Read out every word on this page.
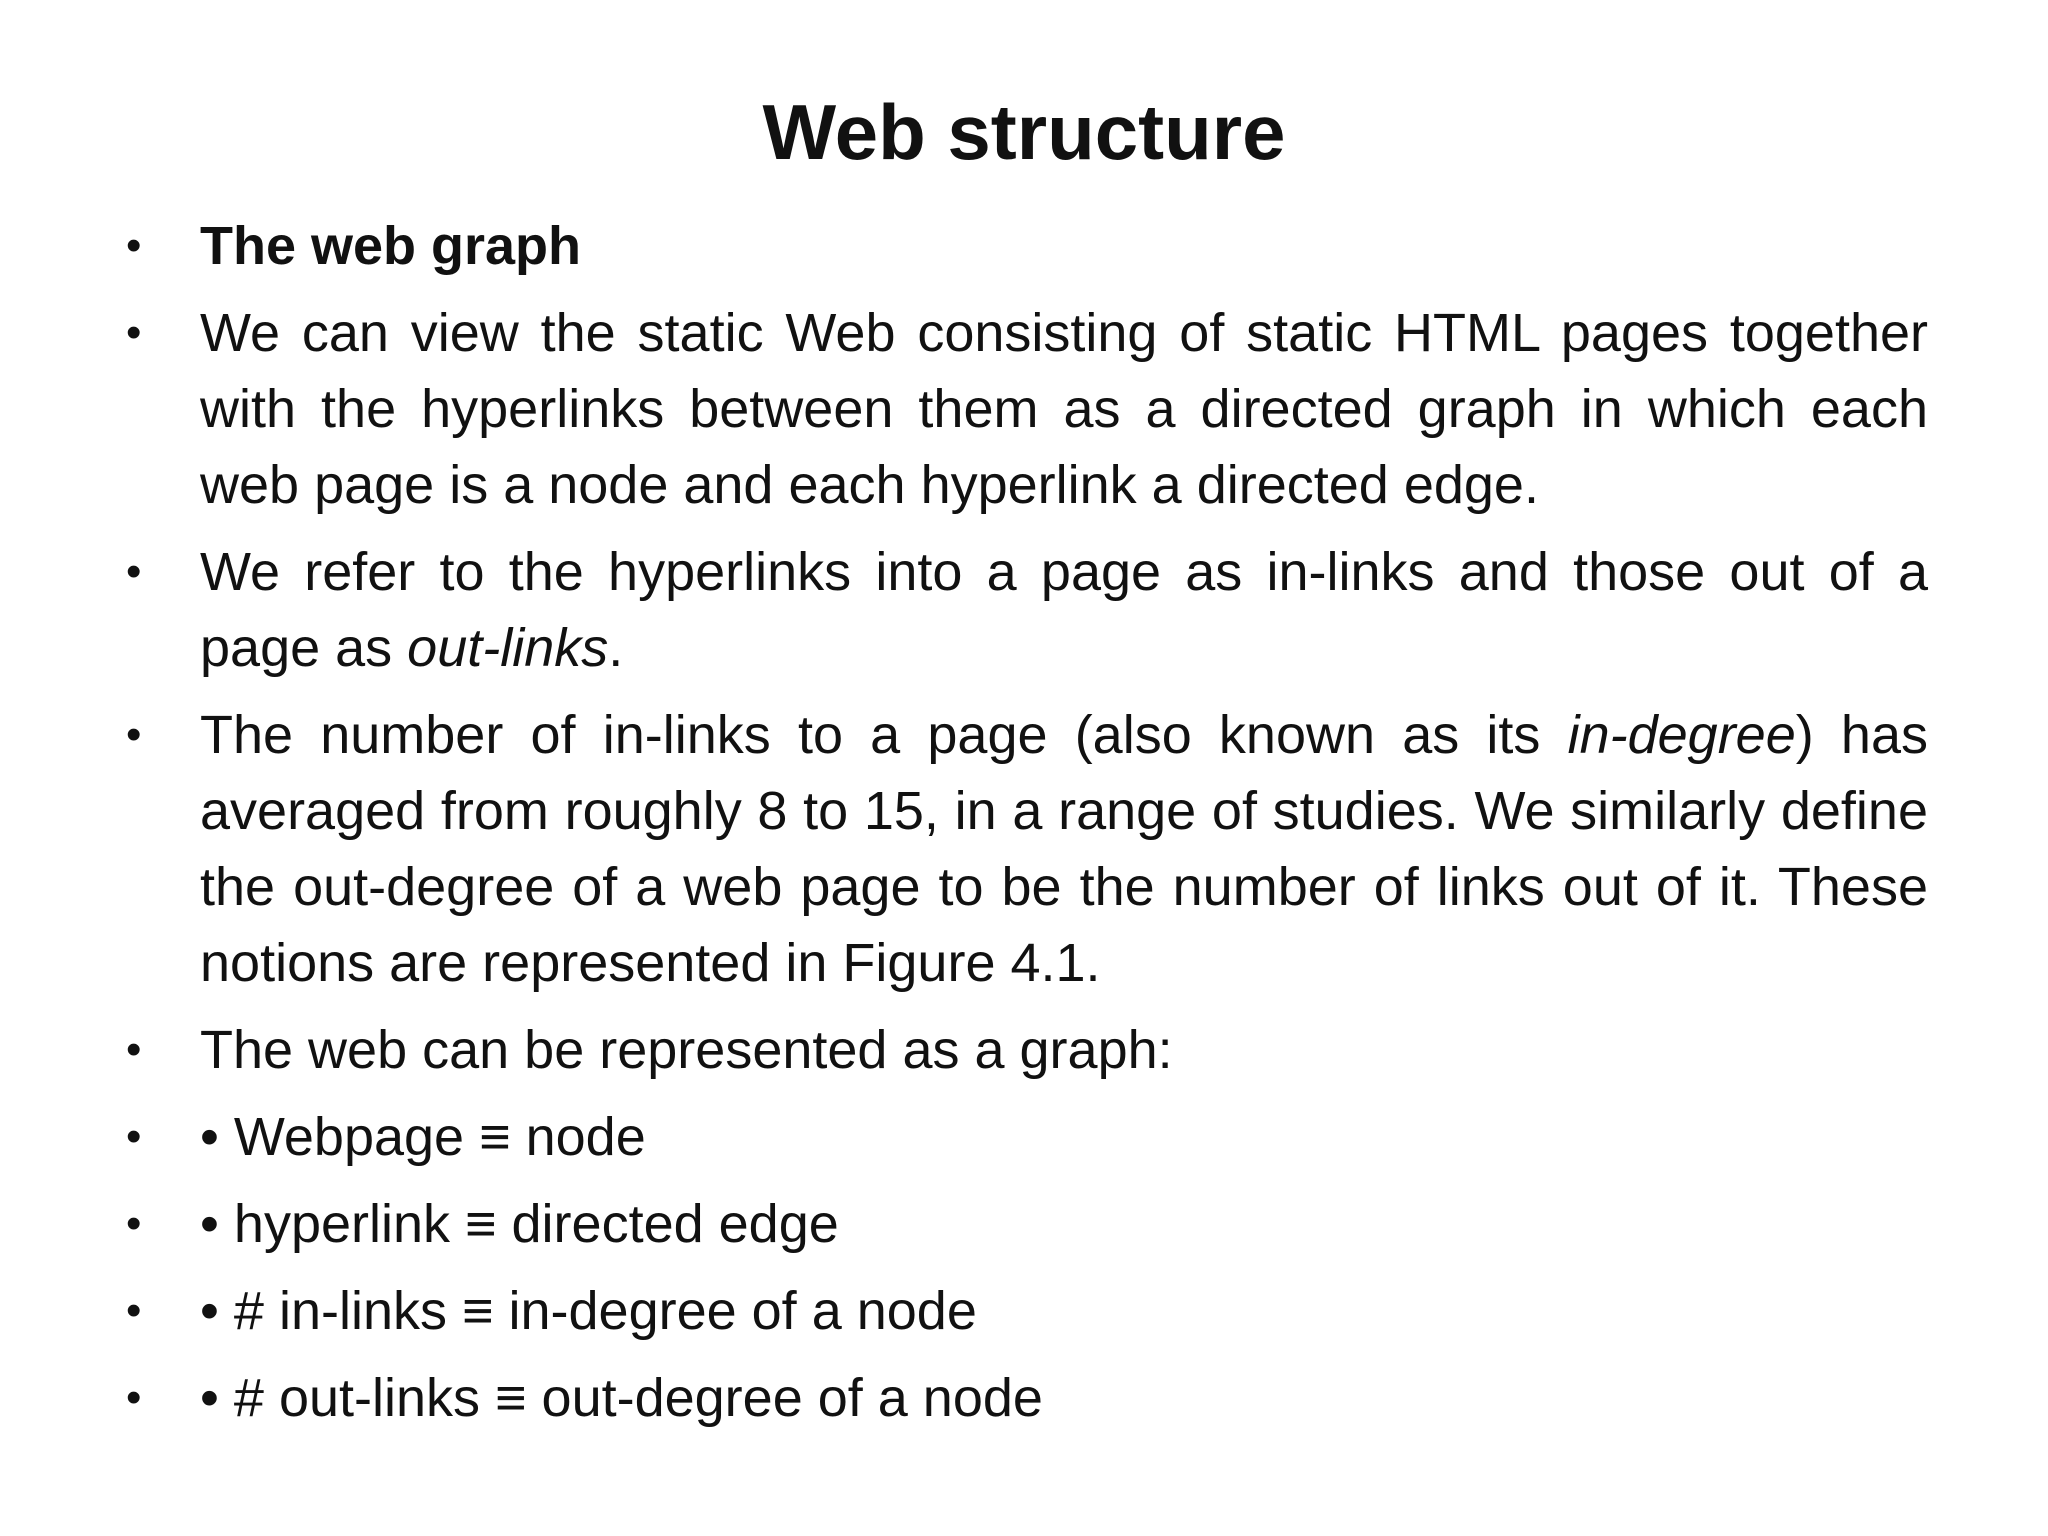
Web structure
•	The web graph
•	We can view the static Web consisting of static HTML pages together with the hyperlinks between them as a directed graph in which each web page is a node and each hyperlink a directed edge.
•	We refer to the hyperlinks into a page as in-links and those out of a page as out-links.
•	The number of in-links to a page (also known as its in-degree) has averaged from roughly 8 to 15, in a range of studies. We similarly define the out-degree of a web page to be the number of links out of it. These notions are represented in Figure 4.1.
•	The web can be represented as a graph:
•	• Webpage ≡ node
•	• hyperlink ≡ directed edge
•	• # in-links ≡ in-degree of a node
•	• # out-links ≡ out-degree of a node
